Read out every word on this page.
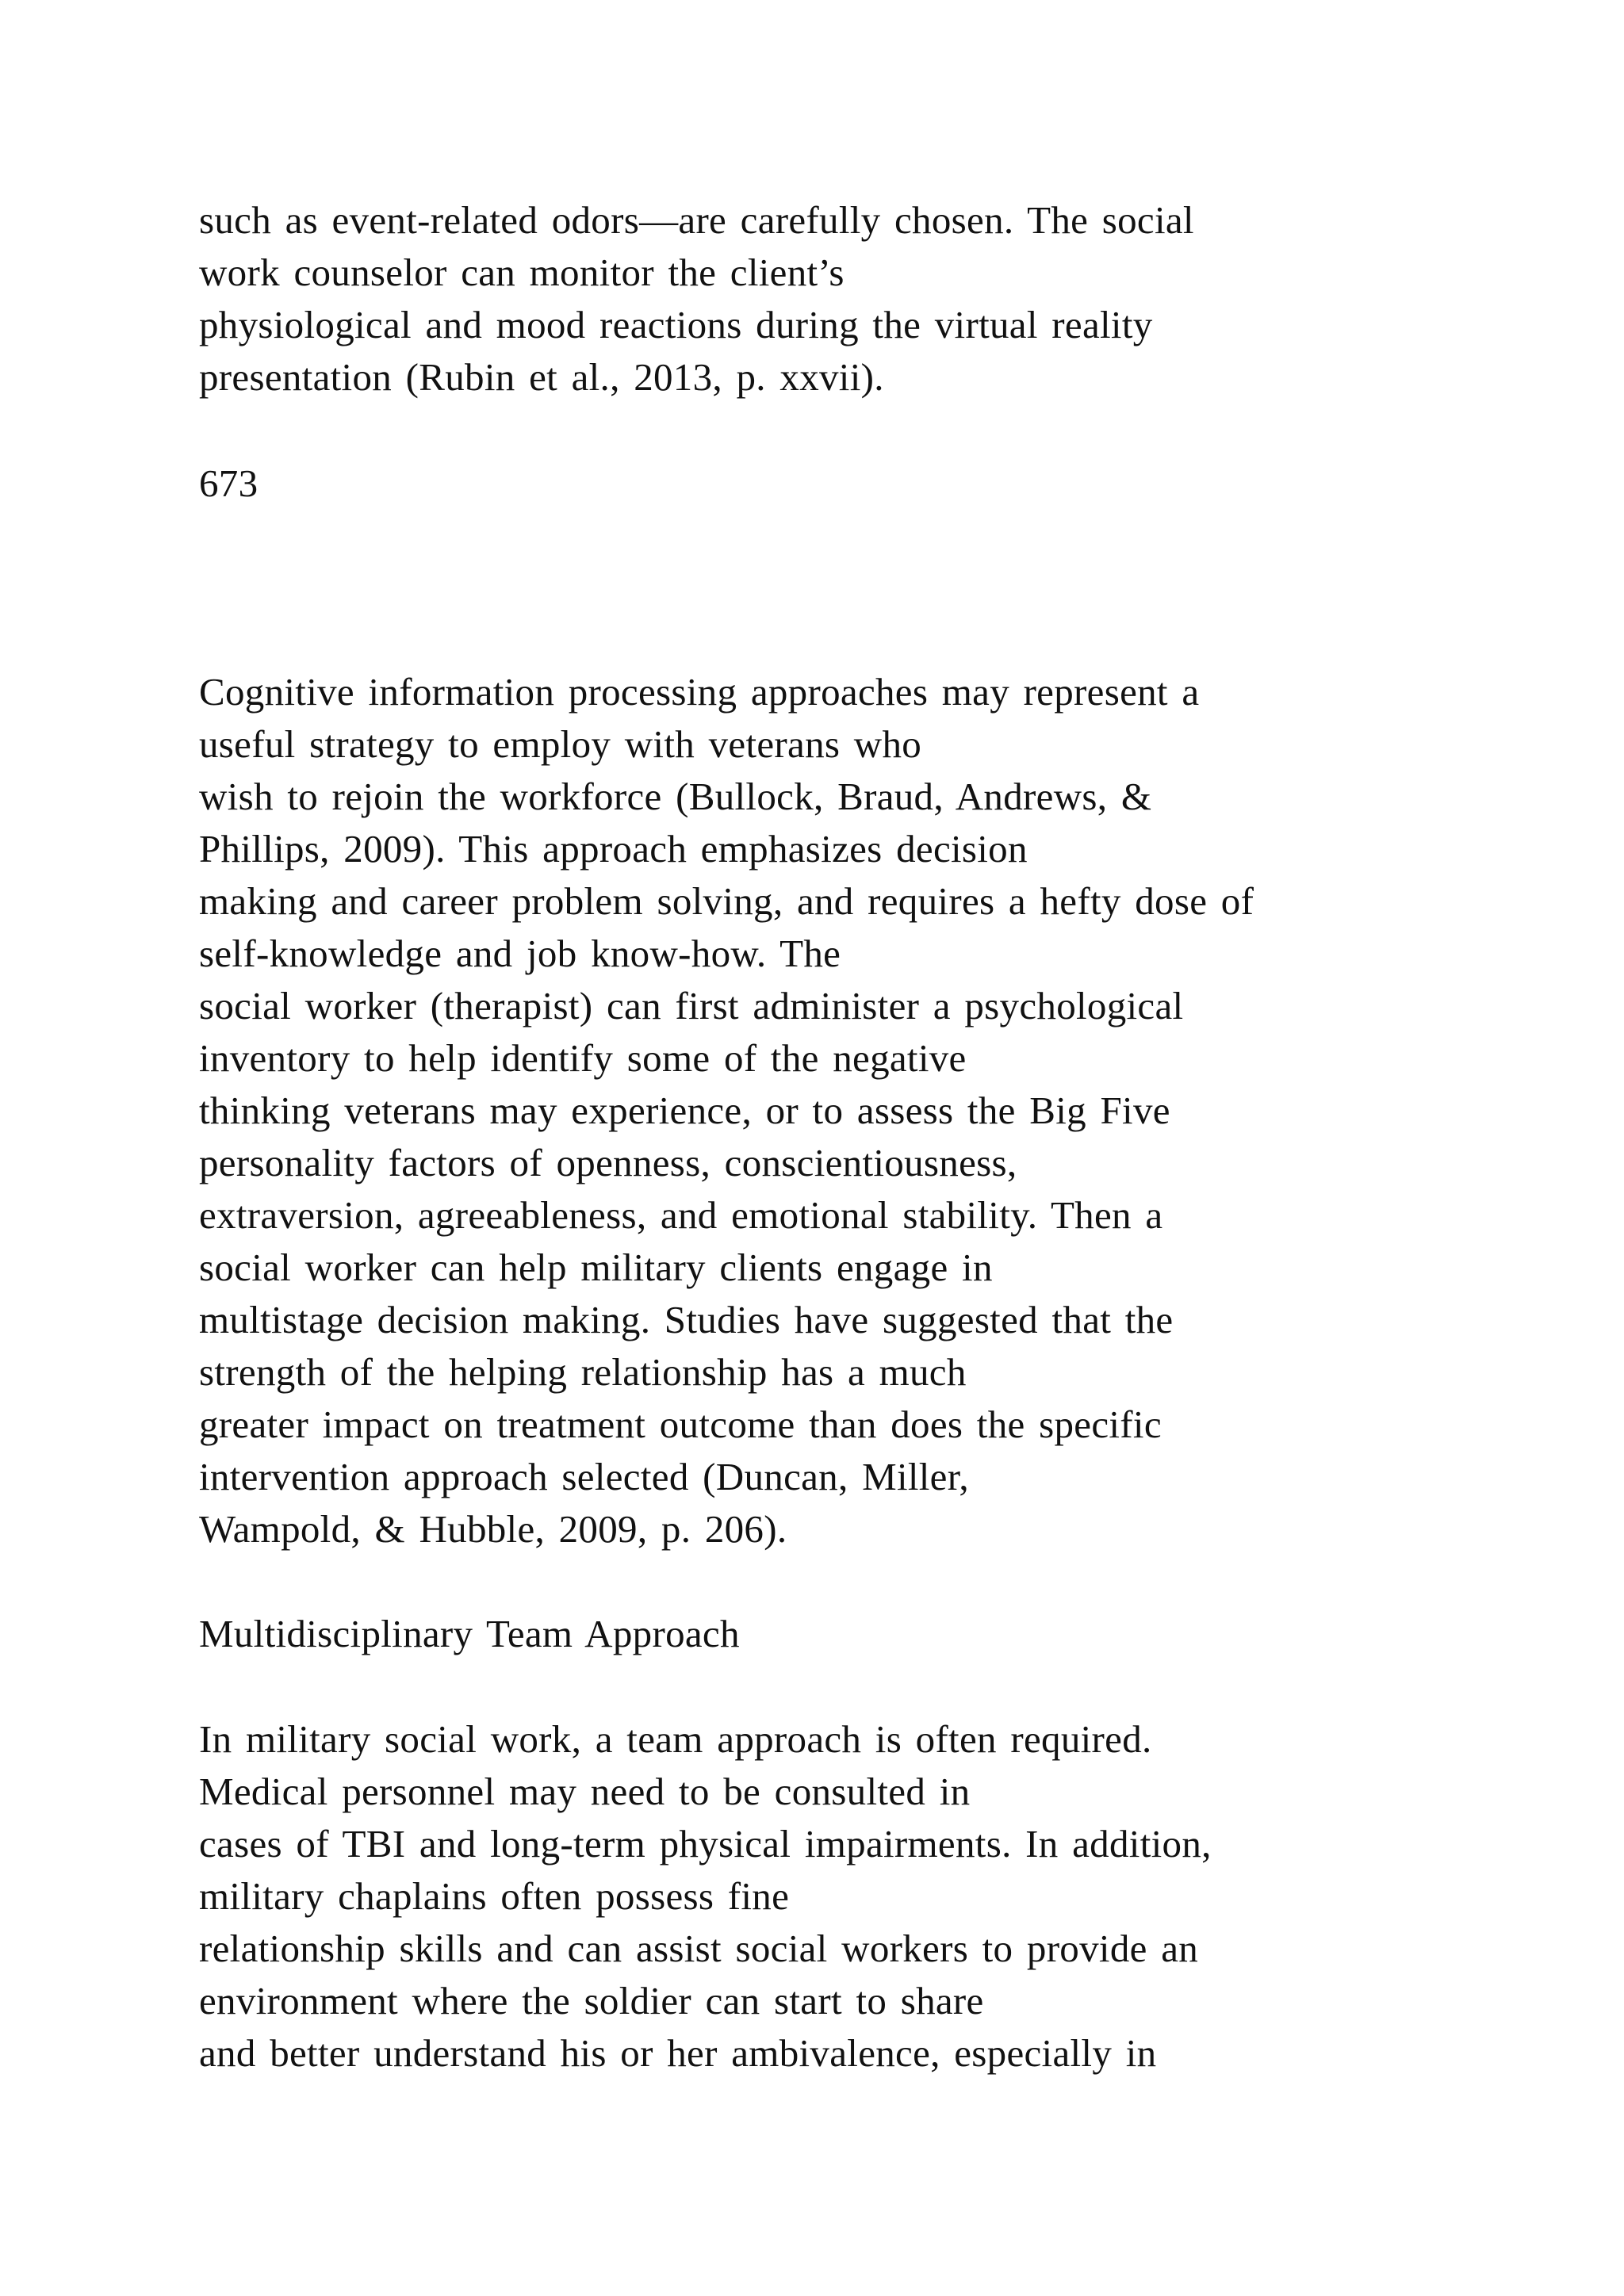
such as event-related odors—are carefully chosen. The social

work counselor can monitor the client’s

physiological and mood reactions during the virtual reality

presentation (Rubin et al., 2013, p. xxvii).

673

Cognitive information processing approaches may represent a

useful strategy to employ with veterans who

wish to rejoin the workforce (Bullock, Braud, Andrews, &

Phillips, 2009). This approach emphasizes decision

making and career problem solving, and requires a hefty dose of

self-knowledge and job know-how. The

social worker (therapist) can first administer a psychological

inventory to help identify some of the negative

thinking veterans may experience, or to assess the Big Five

personality factors of openness, conscientiousness,

extraversion, agreeableness, and emotional stability. Then a

social worker can help military clients engage in

multistage decision making. Studies have suggested that the

strength of the helping relationship has a much

greater impact on treatment outcome than does the specific

intervention approach selected (Duncan, Miller,

Wampold, & Hubble, 2009, p. 206).

Multidisciplinary Team Approach

In military social work, a team approach is often required.

Medical personnel may need to be consulted in

cases of TBI and long-term physical impairments. In addition,

military chaplains often possess fine

relationship skills and can assist social workers to provide an

environment where the soldier can start to share

and better understand his or her ambivalence, especially in
